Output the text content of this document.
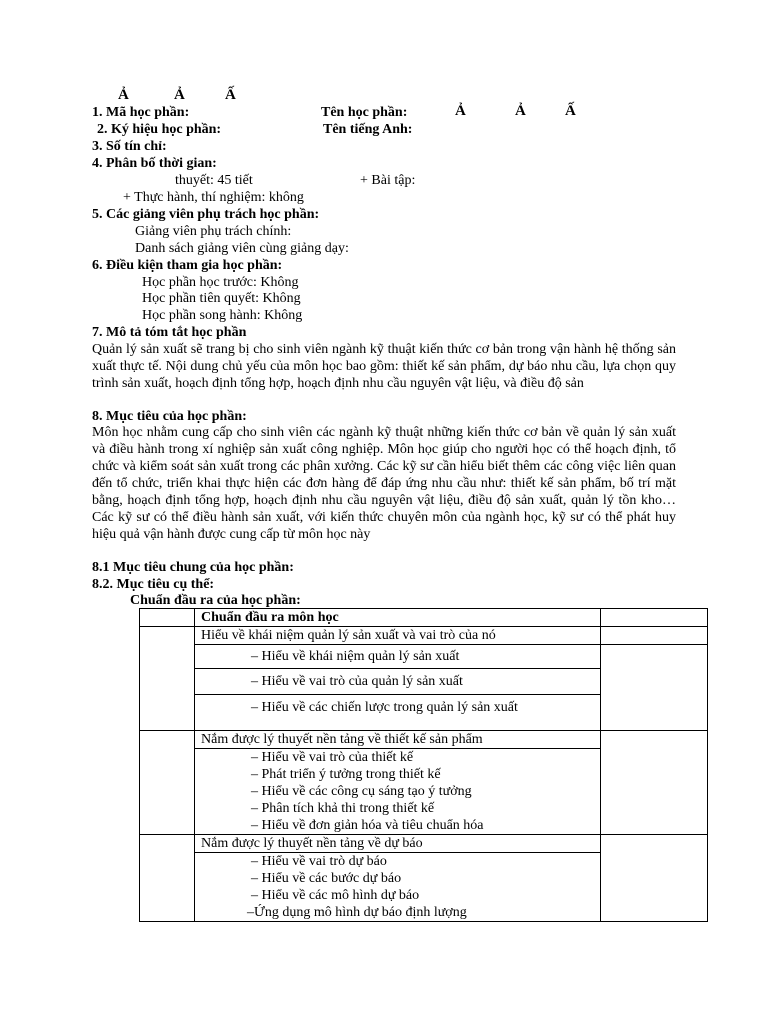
Ả	Ả	Ấ
1. Mã học phần:	Tên học phần:	Ả	Ả	Ấ
2. Ký hiệu học phần:	Tên tiếng Anh:
3. Số tín chỉ:
4. Phân bố thời gian:
thuyết: 45 tiết	+ Bài tập:
+ Thực hành, thí nghiệm: không
5. Các giảng viên phụ trách học phần:
Giảng viên phụ trách chính:
Danh sách giảng viên cùng giảng dạy:
6. Điều kiện tham gia học phần:
Học phần học trước: Không
Học phần tiên quyết: Không
Học phần song hành: Không
7. Mô tả tóm tắt học phần
Quản lý sản xuất sẽ trang bị cho sinh viên ngành kỹ thuật kiến thức cơ bản trong vận hành hệ thống sản xuất thực tế. Nội dung chủ yếu của môn học bao gồm: thiết kế sản phẩm, dự báo nhu cầu, lựa chọn quy trình sản xuất, hoạch định tổng hợp, hoạch định nhu cầu nguyên vật liệu, và điều độ sản
8. Mục tiêu của học phần:
Môn học nhằm cung cấp cho sinh viên các ngành kỹ thuật những kiến thức cơ bản về quản lý sản xuất và điều hành trong xí nghiệp sản xuất công nghiệp. Môn học giúp cho người học có thể hoạch định, tổ chức và kiểm soát sản xuất trong các phân xưởng. Các kỹ sư cần hiểu biết thêm các công việc liên quan đến tổ chức, triển khai thực hiện các đơn hàng để đáp ứng nhu cầu như: thiết kế sản phẩm, bố trí mặt bằng, hoạch định tổng hợp, hoạch định nhu cầu nguyên vật liệu, điều độ sản xuất, quản lý tồn kho… Các kỹ sư có thể điều hành sản xuất, với kiến thức chuyên môn của ngành học, kỹ sư có thể phát huy hiệu quả vận hành được cung cấp từ môn học này
8.1 Mục tiêu chung của học phần:
8.2. Mục tiêu cụ thể:
Chuẩn đầu ra của học phần:
	Chuẩn đầu ra môn học	
	Hiểu về khái niệm quản lý sản xuất và vai trò của nó	

	– Hiểu về khái niệm quản lý sản xuất
– Hiểu về vai trò của quản lý sản xuất
– Hiểu về các chiến lược trong quản lý sản xuất	

	Nắm được lý thuyết nền tảng về thiết kế sản phẩm	

	– Hiểu về vai trò của thiết kế
– Phát triển ý tưởng trong thiết kế
– Hiểu về các công cụ sáng tạo ý tưởng
– Phân tích khả thi trong thiết kế
– Hiểu về đơn giản hóa và tiêu chuẩn hóa	

	Nắm được lý thuyết nền tảng về dự báo	

	– Hiểu về vai trò dự báo
– Hiểu về các bước dự báo
– Hiểu về các mô hình dự báo
–Ứng dụng mô hình dự báo định lượng	
